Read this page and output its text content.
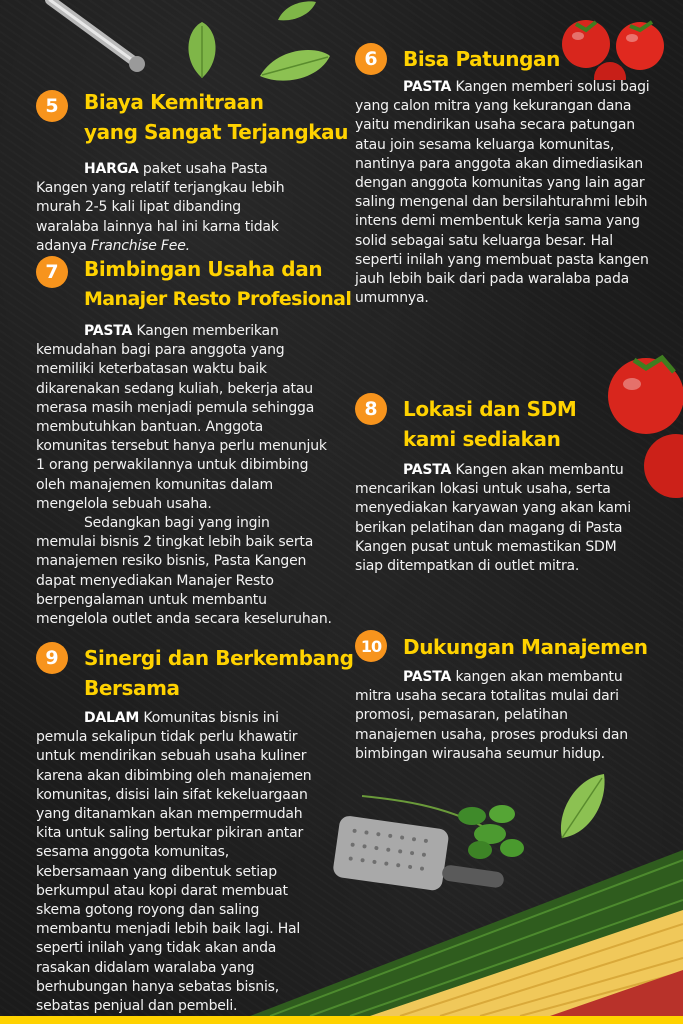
5	Biaya Kemitraan
yang Sangat Terjangkau

HARGA paket usaha Pasta Kangen yang relatif terjangkau lebih murah 2-5 kali lipat dibanding waralaba lainnya hal ini karna tidak adanya Franchise Fee.

7	Bimbingan Usaha dan
Manajer Resto Profesional

PASTA Kangen memberikan kemudahan bagi para anggota yang memiliki keterbatasan waktu baik dikarenakan sedang kuliah, bekerja atau merasa masih menjadi pemula sehingga membutuhkan bantuan. Anggota komunitas tersebut hanya perlu menunjuk 1 orang perwakilannya untuk dibimbing oleh manajemen komunitas dalam mengelola sebuah usaha.

Sedangkan bagi yang ingin memulai bisnis 2 tingkat lebih baik serta manajemen resiko bisnis, Pasta Kangen dapat menyediakan Manajer Resto berpengalaman untuk membantu mengelola outlet anda secara keseluruhan.

9	Sinergi dan Berkembang
Bersama

DALAM Komunitas bisnis ini pemula sekalipun tidak perlu khawatir untuk mendirikan sebuah usaha kuliner karena akan dibimbing oleh manajemen komunitas, disisi lain sifat kekeluargaan yang ditanamkan akan mempermudah kita untuk saling bertukar pikiran antar sesama anggota komunitas, kebersamaan yang dibentuk setiap berkumpul atau kopi darat membuat skema gotong royong dan saling membantu menjadi lebih baik lagi. Hal seperti inilah yang tidak akan anda rasakan didalam waralaba yang berhubungan hanya sebatas bisnis, sebatas penjual dan pembeli.

6	Bisa Patungan

PASTA Kangen memberi solusi bagi yang calon mitra yang kekurangan dana yaitu mendirikan usaha secara patungan atau join sesama keluarga komunitas, nantinya para anggota akan dimediasikan dengan anggota komunitas yang lain agar saling mengenal dan bersilahturahmi lebih intens demi membentuk kerja sama yang solid sebagai satu keluarga besar. Hal seperti inilah yang membuat pasta kangen jauh lebih baik dari pada waralaba pada umumnya.

8	Lokasi dan SDM
kami sediakan

PASTA Kangen akan membantu mencarikan lokasi untuk usaha, serta menyediakan karyawan yang akan kami berikan pelatihan dan magang di Pasta Kangen pusat untuk memastikan SDM siap ditempatkan di outlet mitra.

10 Dukungan Manajemen

PASTA kangen akan membantu mitra usaha secara totalitas mulai dari promosi, pemasaran, pelatihan manajemen usaha, proses produksi dan bimbingan wirausaha seumur hidup.
